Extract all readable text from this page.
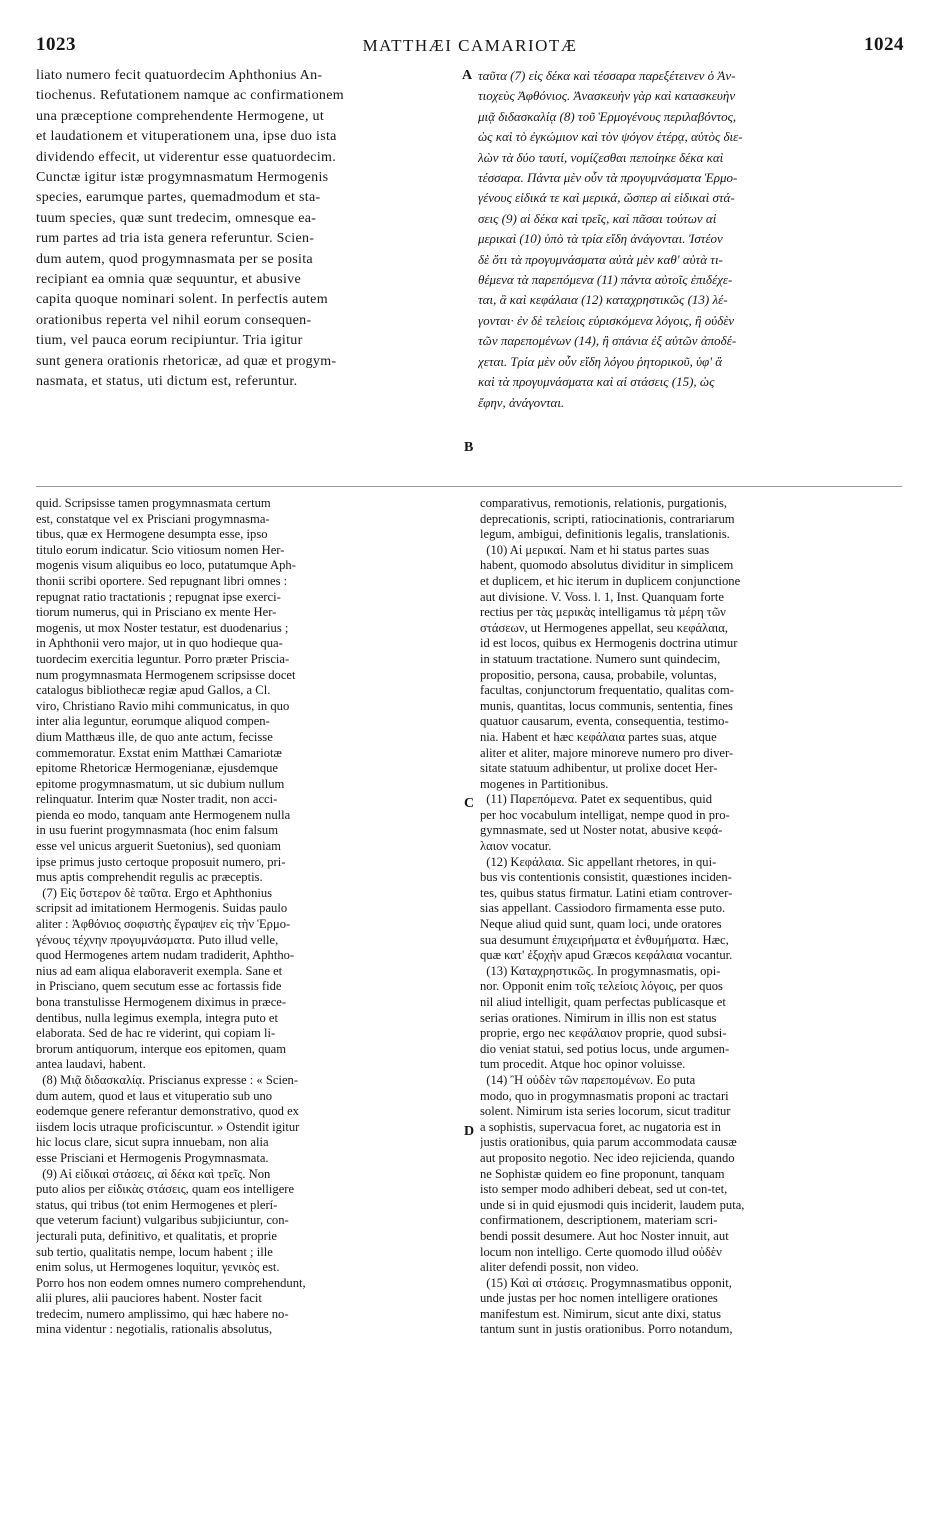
1023	MATTHÆI CAMARIOTÆ	1024

liato numero fecit quatuordecim Aphthonius An-

tiochenus. Refutationem namque ac confirmationem

una præceptione comprehendente Hermogene, ut

et laudationem et vituperationem una, ipse duo ista

dividendo effecit, ut viderentur esse quatuordecim.

Cunctæ igitur istæ progymnasmatum Hermogenis

species, earumque partes, quemadmodum et sta-

tuum species, quæ sunt tredecim, omnesque ea-

rum partes ad tria ista genera referuntur. Scien-

dum autem, quod progymnasmata per se posita

recipiant ea omnia quæ sequuntur, et abusive

capita quoque nominari solent. In perfectis autem

orationibus reperta vel nihil eorum consequen-

tium, vel pauca eorum recipiuntur. Tria igitur

sunt genera orationis rhetoricæ, ad quæ et progym-

nasmata, et status, uti dictum est, referuntur.

ταῦτα (7) εἰς δέκα καὶ τέσσαρα παρεξέτεινεν ὁ Ἀν-

τιοχεὺς Ἀφθόνιος. Ἀνασκευὴν γὰρ καὶ κατασκευὴν

μιᾷ διδασκαλίᾳ (8) τοῦ Ἑρμογένους περιλαβόντος,

ὡς καὶ τὸ ἐγκώμιον καὶ τὸν ψόγον ἑτέρᾳ, αὐτὸς διε-

λὼν τὰ δύο ταυτί, νομίζεσθαι πεποίηκε δέκα καὶ

τέσσαρα. Πάντα μὲν οὖν τὰ προγυμνάσματα Ἑρμο-

γένους εἰδικά τε καὶ μερικά, ὥσπερ αἱ εἰδικαὶ στά-

σεις (9) αἱ δέκα καὶ τρεῖς, καὶ πᾶσαι τούτων αἱ

μερικαὶ (10) ὑπὸ τὰ τρία εἴδη ἀνάγονται. Ἰστέον

δὲ ὅτι τὰ προγυμνάσματα αὐτὰ μὲν καθ' αὑτὰ τι-

θέμενα τὰ παρεπόμενα (11) πάντα αὐτοῖς ἐπιδέχε-

ται, ἃ καὶ κεφάλαια (12) καταχρηστικῶς (13) λέ-

γονται· ἐν δὲ τελείοις εὑρισκόμενα λόγοις, ἢ οὐδὲν

τῶν παρεπομένων (14), ἢ σπάνια ἐξ αὐτῶν ἀποδέ-

χεται. Τρία μὲν οὖν εἴδη λόγου ῥητορικοῦ, ὑφ' ἃ

καὶ τὰ προγυμνάσματα καὶ αἱ στάσεις (15), ὡς

ἔφην, ἀνάγονται.

A
B
C
D

quid. Scripsisse tamen progymnasmata certum

est, constatque vel ex Prisciani progymnasma-

tibus, quæ ex Hermogene desumpta esse, ipso

titulo eorum indicatur. Scio vitiosum nomen Her-

mogenis visum aliquibus eo loco, putatumque Aph-

thonii scribi oportere. Sed repugnant libri omnes :

repugnat ratio tractationis ; repugnat ipse exerci-

tiorum numerus, qui in Prisciano ex mente Her-

mogenis, ut mox Noster testatur, est duodenarius ;

in Aphthonii vero major, ut in quo hodieque qua-

tuordecim exercitia leguntur. Porro præter Priscia-

num progymnasmata Hermogenem scripsisse docet

catalogus bibliothecæ regiæ apud Gallos, a Cl.

viro, Christiano Ravio mihi communicatus, in quo

inter alia leguntur, eorumque aliquod compen-

dium Matthæus ille, de quo ante actum, fecisse

commemoratur. Exstat enim Matthæi Camariotæ

epitome Rhetoricæ Hermogenianæ, ejusdemque

epitome progymnasmatum, ut sic dubium nullum

relinquatur. Interim quæ Noster tradit, non acci-

pienda eo modo, tanquam ante Hermogenem nulla

in usu fuerint progymnasmata (hoc enim falsum

esse vel unicus arguerit Suetonius), sed quoniam

ipse primus justo certoque proposuit numero, pri-

mus aptis comprehendit regulis ac præceptis.

(7) Εἰς ὕστερον δὲ ταῦτα. Ergo et Aphthonius

scripsit ad imitationem Hermogenis. Suidas paulo

aliter : Ἀφθόνιος σοφιστὴς ἔγραψεν εἰς τὴν Ἑρμο-

γένους τέχνην προγυμνάσματα. Puto illud velle,

quod Hermogenes artem nudam tradiderit, Aphtho-

nius ad eam aliqua elaboraverit exempla. Sane et

in Prisciano, quem secutum esse ac fortassis fide

bona transtulisse Hermogenem diximus in præce-

dentibus, nulla legimus exempla, integra puto et

elaborata. Sed de hac re viderint, qui copiam li-

brorum antiquorum, interque eos epitomen, quam

antea laudavi, habent.

(8) Μιᾷ διδασκαλίᾳ. Priscianus expresse : « Scien-

dum autem, quod et laus et vituperatio sub uno

eodemque genere referantur demonstrativo, quod ex

iisdem locis utraque proficiscuntur. » Ostendit igitur

hic locus clare, sicut supra innuebam, non alia

esse Prisciani et Hermogenis Progymnasmata.

(9) Αἱ εἰδικαὶ στάσεις, αἱ δέκα καὶ τρεῖς. Non

puto alios per εἰδικὰς στάσεις, quam eos intelligere

status, qui tribus (tot enim Hermogenes et plerí-

que veterum faciunt) vulgaribus subjiciuntur, con-

jecturali puta, definitivo, et qualitatis, et proprie

sub tertio, qualitatis nempe, locum habent ; ille

enim solus, ut Hermogenes loquitur, γενικὸς est.

Porro hos non eodem omnes numero comprehendunt,

alii plures, alii pauciores habent. Noster facit

tredecim, numero amplissimo, qui hæc habere no-

mina videntur : negotialis, rationalis absolutus,

comparativus, remotionis, relationis, purgationis,

deprecationis, scripti, ratiocinationis, contrariarum

legum, ambigui, definitionis legalis, translationis.

(10) Αἱ μερικαί. Nam et hi status partes suas

habent, quomodo absolutus dividitur in simplicem

et duplicem, et hic iterum in duplicem conjunctione

aut divisione. V. Voss. l. 1, Inst. Quanquam forte

rectius per τὰς μερικὰς intelligamus τὰ μέρη τῶν

στάσεων, ut Hermogenes appellat, seu κεφάλαια,

id est locos, quibus ex Hermogenis doctrina utimur

in statuum tractatione. Numero sunt quindecim,

propositio, persona, causa, probabile, voluntas,

facultas, conjunctorum frequentatio, qualitas com-

munis, quantitas, locus communis, sententia, fines

quatuor causarum, eventa, consequentia, testimo-

nia. Habent et hæc κεφάλαια partes suas, atque

aliter et aliter, majore minoreve numero pro diver-

sitate statuum adhibentur, ut prolixe docet Her-

mogenes in Partitionibus.

(11) Παρεπόμενα. Patet ex sequentibus, quid

per hoc vocabulum intelligat, nempe quod in pro-

gymnasmate, sed ut Noster notat, abusive κεφά-

λαιον vocatur.

(12) Κεφάλαια. Sic appellant rhetores, in qui-

bus vis contentionis consistit, quæstiones inciden-

tes, quibus status firmatur. Latini etiam controver-

sias appellant. Cassiodoro firmamenta esse puto.

Neque aliud quid sunt, quam loci, unde oratores

sua desumunt ἐπιχειρήματα et ἐνθυμήματα. Hæc,

quæ κατ' ἐξοχὴν apud Græcos κεφάλαια vocantur.

(13) Καταχρηστικῶς. In progymnasmatis, opi-

nor. Opponit enim τοῖς τελείοις λόγοις, per quos

nil aliud intelligit, quam perfectas publicasque et

serias orationes. Nimirum in illis non est status

proprie, ergo nec κεφάλαιον proprie, quod subsi-

dio veniat statui, sed potius locus, unde argumen-

tum procedit. Atque hoc opinor voluisse.

(14) Ἢ οὐδὲν τῶν παρεπομένων. Eo puta

modo, quo in progymnasmatis proponi ac tractari

solent. Nimirum ista series locorum, sicut traditur

a sophistis, supervacua foret, ac nugatoria est in

justis orationibus, quia parum accommodata causæ

aut proposito negotio. Nec ideo rejicienda, quando

ne Sophistæ quidem eo fine proponunt, tanquam

isto semper modo adhiberi debeat, sed ut con-tet,

unde si in quid ejusmodi quis inciderit, laudem puta,

confirmationem, descriptionem, materiam scri-

bendi possit desumere. Aut hoc Noster innuit, aut

locum non intelligo. Certe quomodo illud οὐδὲν

aliter defendi possit, non video.

(15) Καὶ αἱ στάσεις. Progymnasmatibus opponit,

unde justas per hoc nomen intelligere orationes

manifestum est. Nimirum, sicut ante dixi, status

tantum sunt in justis orationibus. Porro notandum,
